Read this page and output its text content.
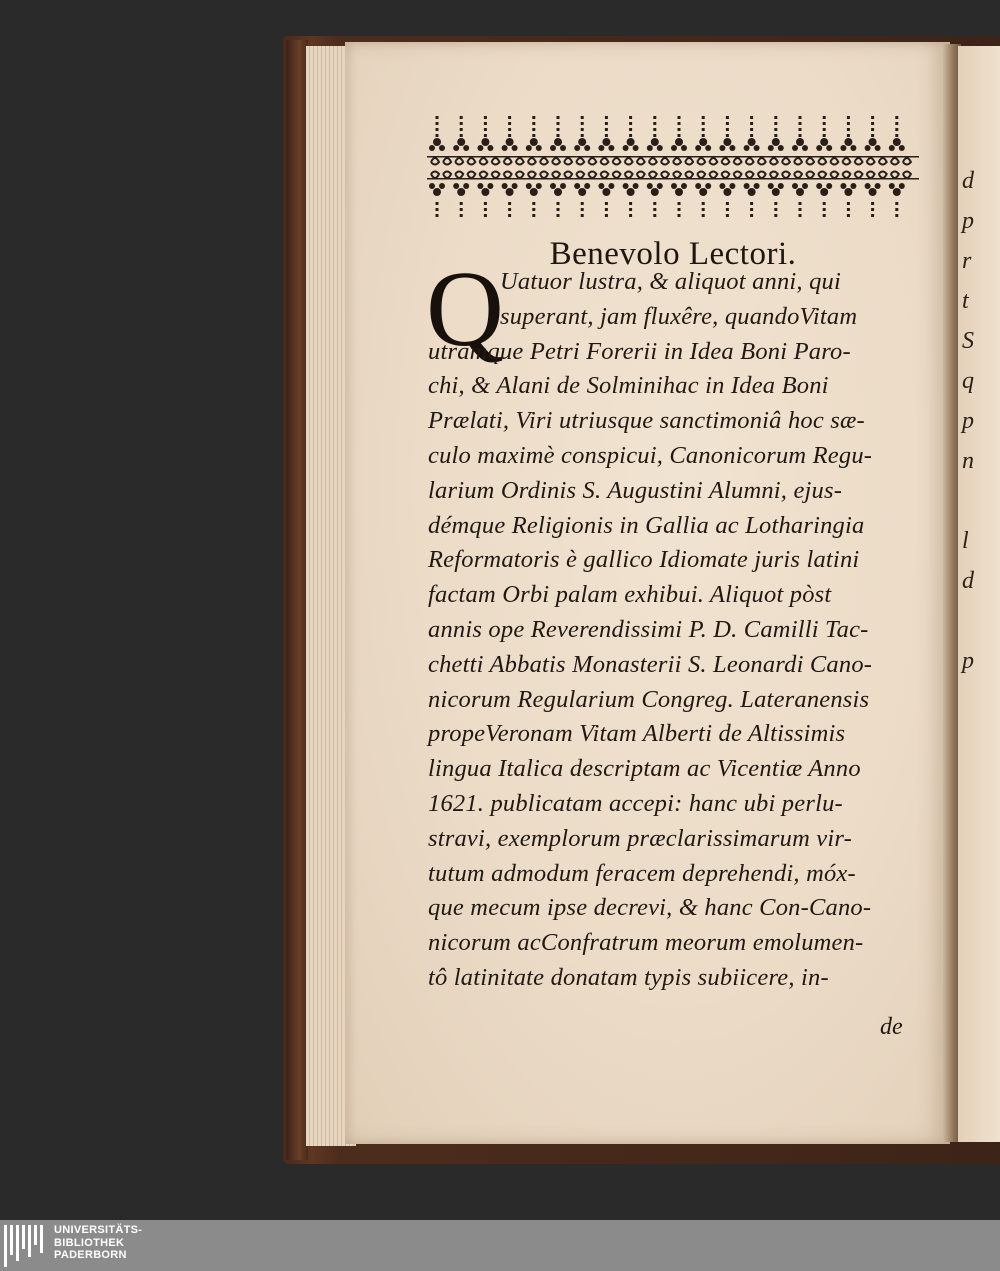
d
p
r
t
S
q
p
n
l
d
p
Benevolo Lectori.
Q
Uatuor lustra, & aliquot anni, qui
superant, jam fluxêre, quandoVitam
utramque Petri Forerii in Idea Boni Paro-
chi, & Alani de Solminihac in Idea Boni
Prælati, Viri utriusque sanctimoniâ hoc sæ-
culo maximè conspicui, Canonicorum Regu-
larium Ordinis S. Augustini Alumni, ejus-
démque Religionis in Gallia ac Lotharingia
Reformatoris è gallico Idiomate juris latini
factam Orbi palam exhibui. Aliquot pòst
annis ope Reverendissimi P. D. Camilli Tac-
chetti Abbatis Monasterii S. Leonardi Cano-
nicorum Regularium Congreg. Lateranensis
propeVeronam Vitam Alberti de Altissimis
lingua Italica descriptam ac Vicentiæ Anno
1621. publicatam accepi: hanc ubi perlu-
stravi, exemplorum præclarissimarum vir-
tutum admodum feracem deprehendi, móx-
que mecum ipse decrevi, & hanc Con-Cano-
nicorum acConfratrum meorum emolumen-
tô latinitate donatam typis subiicere, in-
de
UNIVERSITÄTS-
BIBLIOTHEK
PADERBORN
